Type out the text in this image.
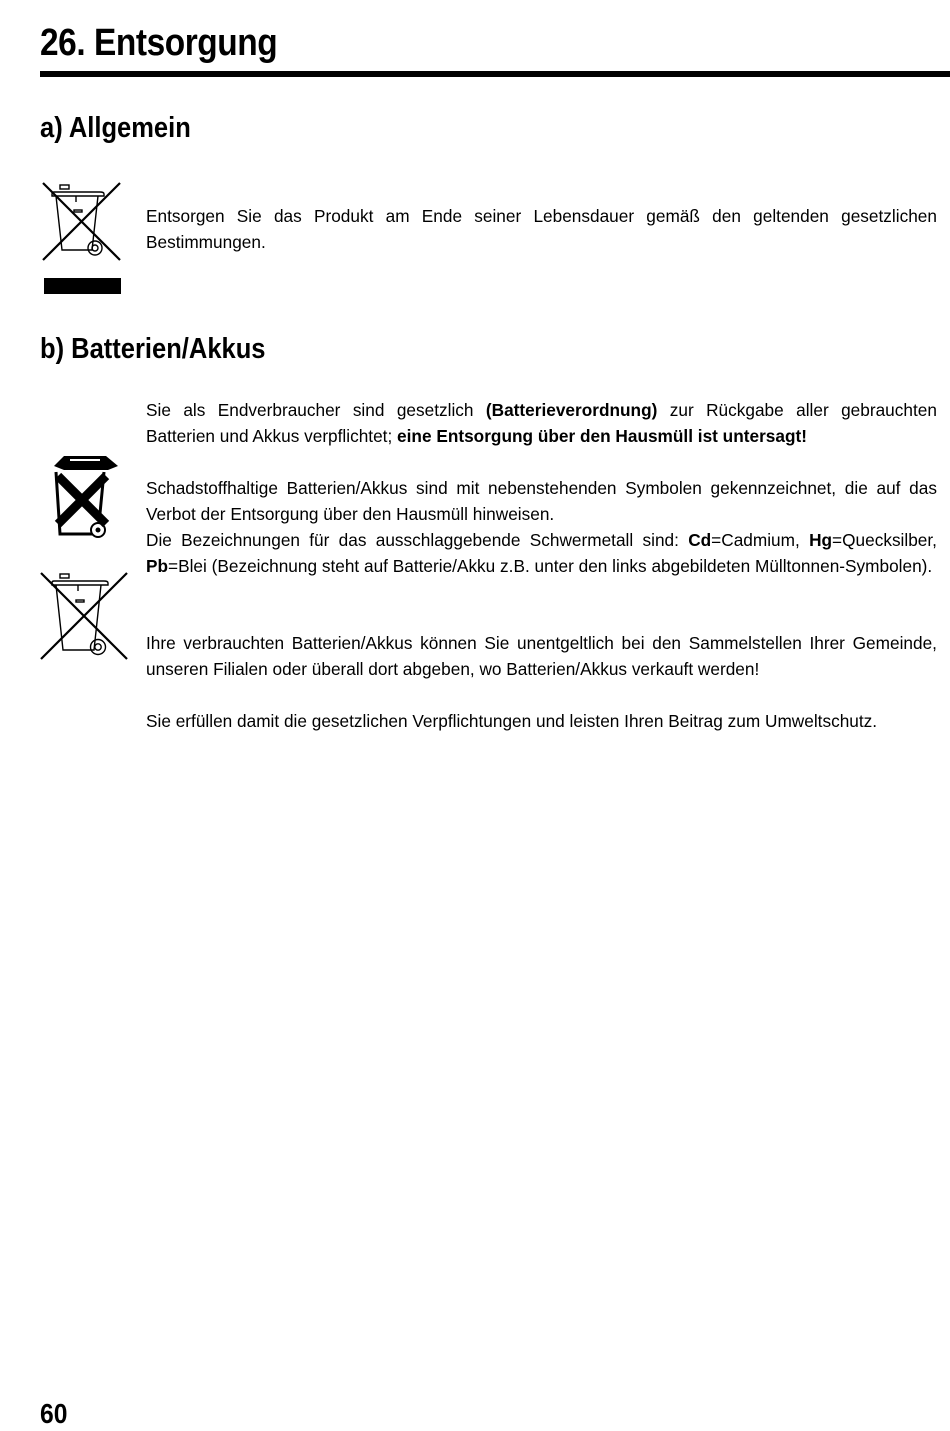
26. Entsorgung
a) Allgemein

Entsorgen Sie das Produkt am Ende seiner Lebensdauer gemäß den geltenden gesetzlichen Bestimmungen.

b) Batterien/Akkus

Sie als Endverbraucher sind gesetzlich (Batterieverordnung) zur Rückgabe aller gebrauchten Batterien und Akkus verpflichtet; eine Entsorgung über den Hausmüll ist untersagt!

Schadstoffhaltige Batterien/Akkus sind mit nebenstehenden Symbolen gekennzeichnet, die auf das Verbot der Entsorgung über den Hausmüll hinweisen.
Die Bezeichnungen für das ausschlaggebende Schwermetall sind: Cd=Cadmium, Hg=Quecksilber, Pb=Blei (Bezeichnung steht auf Batterie/Akku z.B. unter den links abgebildeten Mülltonnen-Symbolen).

Ihre verbrauchten Batterien/Akkus können Sie unentgeltlich bei den Sammelstellen Ihrer Gemeinde, unseren Filialen oder überall dort abgeben, wo Batterien/Akkus verkauft werden!

Sie erfüllen damit die gesetzlichen Verpflichtungen und leisten Ihren Beitrag zum Umweltschutz.

60
